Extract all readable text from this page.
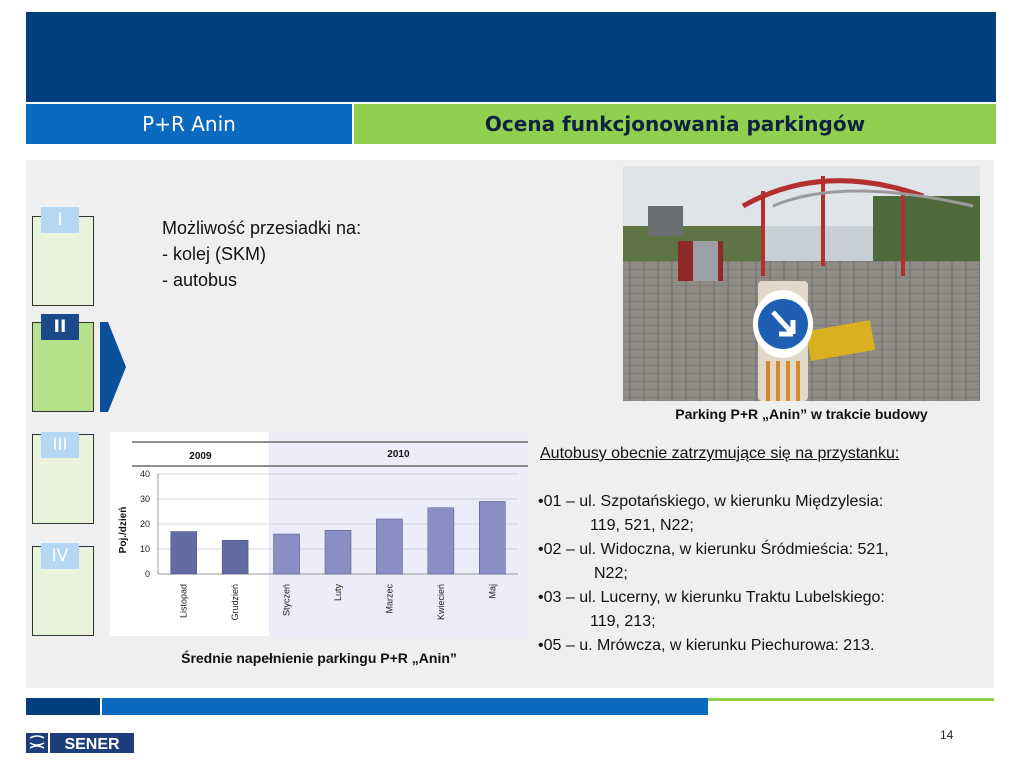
P+R Anin	Ocena funkcjonowania parkingów
I
II
III
IV
Możliwość przesiadki na:
- kolej (SKM)
- autobus
Parking P+R „Anin” w trakcie budowy
2009	2010
0
10
20
30
40
Poj./dzień
Listopad	Grudzień	Styczeń	Luty	Marzec	Kwiecień	Maj
Średnie napełnienie parkingu P+R „Anin”
Autobusy obecnie zatrzymujące się na przystanku:
•01 – ul. Szpotańskiego, w kierunku Międzylesia:
119, 521, N22;
•02 – ul. Widoczna, w kierunku Śródmieścia: 521,
N22;
•03 – ul. Lucerny, w kierunku Traktu Lubelskiego:
119, 213;
•05 – u. Mrówcza, w kierunku Piechurowa: 213.
SENER
14
